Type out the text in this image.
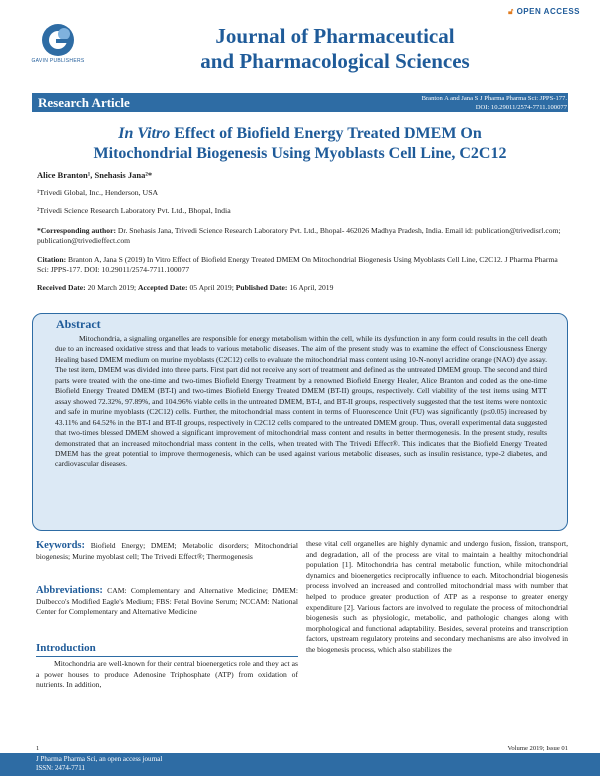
GAVIN PUBLISHERS
🔓︎ OPEN ACCESS
Journal of Pharmaceutical
and Pharmacological Sciences
Research Article	Branton A and Jana S J Pharma Pharma Sci: JPPS-177.
DOI: 10.29011/2574-7711.100077
In Vitro Effect of Biofield Energy Treated DMEM On
Mitochondrial Biogenesis Using Myoblasts Cell Line, C2C12
Alice Branton¹, Snehasis Jana²*
¹Trivedi Global, Inc., Henderson, USA
²Trivedi Science Research Laboratory Pvt. Ltd., Bhopal, India
*Corresponding author: Dr. Snehasis Jana, Trivedi Science Research Laboratory Pvt. Ltd., Bhopal- 462026 Madhya Pradesh, India. Email id: publication@trivedisrl.com; publication@trivedieffect.com
Citation: Branton A, Jana S (2019) In Vitro Effect of Biofield Energy Treated DMEM On Mitochondrial Biogenesis Using Myoblasts Cell Line, C2C12. J Pharma Pharma Sci: JPPS-177. DOI: 10.29011/2574-7711.100077
Received Date: 20 March 2019; Accepted Date: 05 April 2019; Published Date: 16 April, 2019
Abstract
Mitochondria, a signaling organelles are responsible for energy metabolism within the cell, while its dysfunction in any form could results in the cell death due to an increased oxidative stress and that leads to various metabolic diseases. The aim of the present study was to examine the effect of Consciousness Energy Healing based DMEM medium on murine myoblasts (C2C12) cells to evaluate the mitochondrial mass content using 10-N-nonyl acridine orange (NAO) dye assay. The test item, DMEM was divided into three parts. First part did not receive any sort of treatment and defined as the untreated DMEM group. The second and third parts were treated with the one-time and two-times Biofield Energy Treatment by a renowned Biofield Energy Healer, Alice Branton and coded as the one-time Biofield Energy Treated DMEM (BT-I) and two-times Biofield Energy Treated DMEM (BT-II) groups, respectively. Cell viability of the test items using MTT assay showed 72.32%, 97.89%, and 104.96% viable cells in the untreated DMEM, BT-I, and BT-II groups, respectively suggested that the test items were nontoxic and safe in murine myoblasts (C2C12) cells. Further, the mitochondrial mass content in terms of Fluorescence Unit (FU) was significantly (p≤0.05) increased by 43.11% and 64.52% in the BT-I and BT-II groups, respectively in C2C12 cells compared to the untreated DMEM group. Thus, overall experimental data suggested that two-times blessed DMEM showed a significant improvement of mitochondrial mass content and results in better thermogenesis. In the present study, results demonstrated that an increased mitochondrial mass content in the cells, when treated with The Trivedi Effect®. This indicates that the Biofield Energy Treated DMEM has the great potential to improve thermogenesis, which can be used against various metabolic diseases, such as insulin resistance, type-2 diabetes, and cardiovascular diseases.
Keywords: Biofield Energy; DMEM; Metabolic disorders; Mitochondrial biogenesis; Murine myoblast cell; The Trivedi Effect®; Thermogenesis
Abbreviations: CAM: Complementary and Alternative Medicine; DMEM: Dulbecco's Modified Eagle's Medium; FBS: Fetal Bovine Serum; NCCAM: National Center for Complementary and Alternative Medicine
Introduction
Mitochondria are well-known for their central bioenergetics role and they act as a power houses to produce Adenosine Triphosphate (ATP) from oxidation of nutrients. In addition,
these vital cell organelles are highly dynamic and undergo fusion, fission, transport, and degradation, all of the process are vital to maintain a healthy mitochondrial population [1]. Mitochondria has central metabolic function, while mitochondrial dynamics and bioenergetics reciprocally influence to each. Mitochondrial biogenesis process involved an increased and controlled mitochondrial mass with number that helped to produce greater production of ATP as a response to greater energy expenditure [2]. Various factors are involved to regulate the process of mitochondrial biogenesis such as physiologic, metabolic, and pathologic changes along with morphological and functional adaptability. Besides, several proteins and transcription factors, upstream regulatory proteins and secondary mechanisms are also involved in the biogenesis process, which also stabilizes the
1	Volume 2019; Issue 01
J Pharma Pharma Sci, an open access journal
ISSN: 2474-7711
